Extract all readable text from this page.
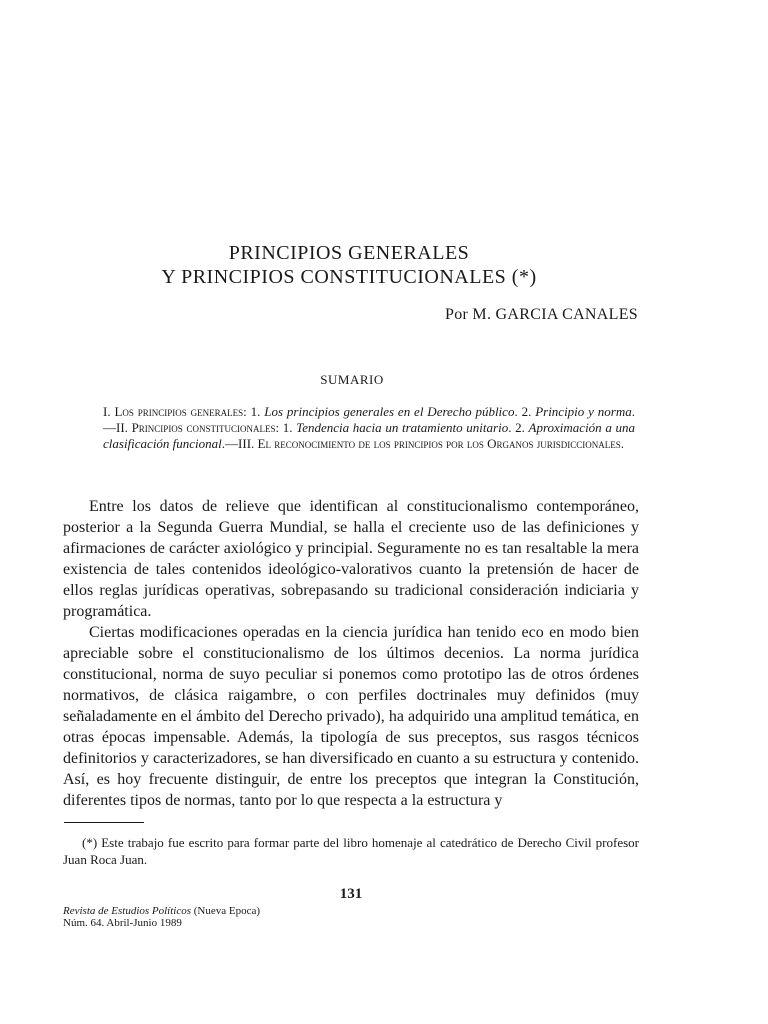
PRINCIPIOS GENERALES
Y PRINCIPIOS CONSTITUCIONALES (*)
Por M. GARCIA CANALES
SUMARIO

I. Los principios generales: 1. Los principios generales en el Derecho público. 2. Principio y norma.—II. Principios constitucionales: 1. Tendencia hacia un tratamiento unitario. 2. Aproximación a una clasificación funcional.—III. El reconocimiento de los principios por los Organos jurisdiccionales.

Entre los datos de relieve que identifican al constitucionalismo contemporáneo, posterior a la Segunda Guerra Mundial, se halla el creciente uso de las definiciones y afirmaciones de carácter axiológico y principial. Seguramente no es tan resaltable la mera existencia de tales contenidos ideológico-valorativos cuanto la pretensión de hacer de ellos reglas jurídicas operativas, sobrepasando su tradicional consideración indiciaria y programática.

Ciertas modificaciones operadas en la ciencia jurídica han tenido eco en modo bien apreciable sobre el constitucionalismo de los últimos decenios. La norma jurídica constitucional, norma de suyo peculiar si ponemos como prototipo las de otros órdenes normativos, de clásica raigambre, o con perfiles doctrinales muy definidos (muy señaladamente en el ámbito del Derecho privado), ha adquirido una amplitud temática, en otras épocas impensable. Además, la tipología de sus preceptos, sus rasgos técnicos definitorios y caracterizadores, se han diversificado en cuanto a su estructura y contenido. Así, es hoy frecuente distinguir, de entre los preceptos que integran la Constitución, diferentes tipos de normas, tanto por lo que respecta a la estructura y

(*) Este trabajo fue escrito para formar parte del libro homenaje al catedrático de Derecho Civil profesor Juan Roca Juan.

131
Revista de Estudios Políticos (Nueva Epoca)
Núm. 64. Abril-Junio 1989
